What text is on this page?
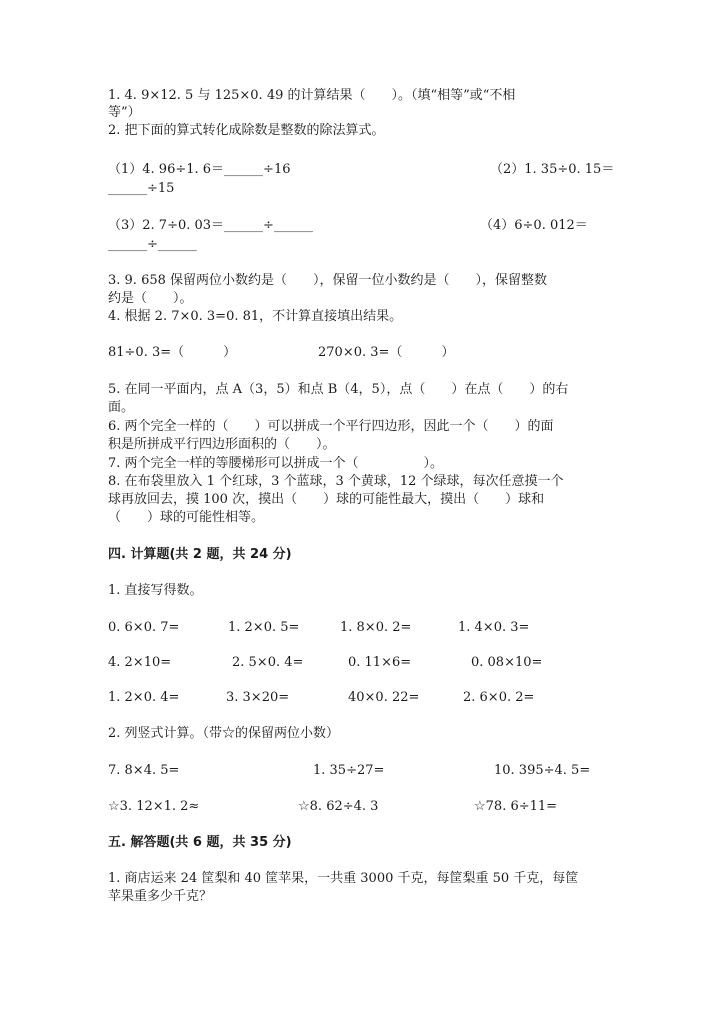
1. 4. 9×12. 5 与 125×0. 49 的计算结果（　　）。（填“相等”或“不相
等”）
2. 把下面的算式转化成除数是整数的除法算式。
（1）4. 96÷1. 6＝______÷16	（2）1. 35÷0. 15＝
______÷15
（3）2. 7÷0. 03＝______÷______	（4）6÷0. 012＝
______÷______
3. 9. 658 保留两位小数约是（　　），保留一位小数约是（　　），保留整数
约是（　　）。
4. 根据 2. 7×0. 3=0. 81，不计算直接填出结果。
81÷0. 3=（　　　）	270×0. 3=（　　　）
5. 在同一平面内，点 A（3，5）和点 B（4，5），点（　　）在点（　　）的右
面。
6. 两个完全一样的（　　）可以拼成一个平行四边形，因此一个（　　）的面
积是所拼成平行四边形面积的（　　）。
7. 两个完全一样的等腰梯形可以拼成一个（　　　　　）。
8. 在布袋里放入 1 个红球，3 个蓝球，3 个黄球，12 个绿球，每次任意摸一个
球再放回去，摸 100 次，摸出（　　）球的可能性最大，摸出（　　）球和
（　　）球的可能性相等。
四. 计算题(共 2 题，共 24 分)
1. 直接写得数。
0. 6×0. 7=	1. 2×0. 5=	1. 8×0. 2=	1. 4×0. 3=
4. 2×10=	2. 5×0. 4=	0. 11×6=	0. 08×10=
1. 2×0. 4=	3. 3×20=	40×0. 22=	2. 6×0. 2=
2. 列竖式计算。（带☆的保留两位小数）
7. 8×4. 5=	1. 35÷27=	10. 395÷4. 5=
☆3. 12×1. 2≈	☆8. 62÷4. 3	☆78. 6÷11=
五. 解答题(共 6 题，共 35 分)
1. 商店运来 24 筐梨和 40 筐苹果，一共重 3000 千克，每筐梨重 50 千克，每筐
苹果重多少千克？
